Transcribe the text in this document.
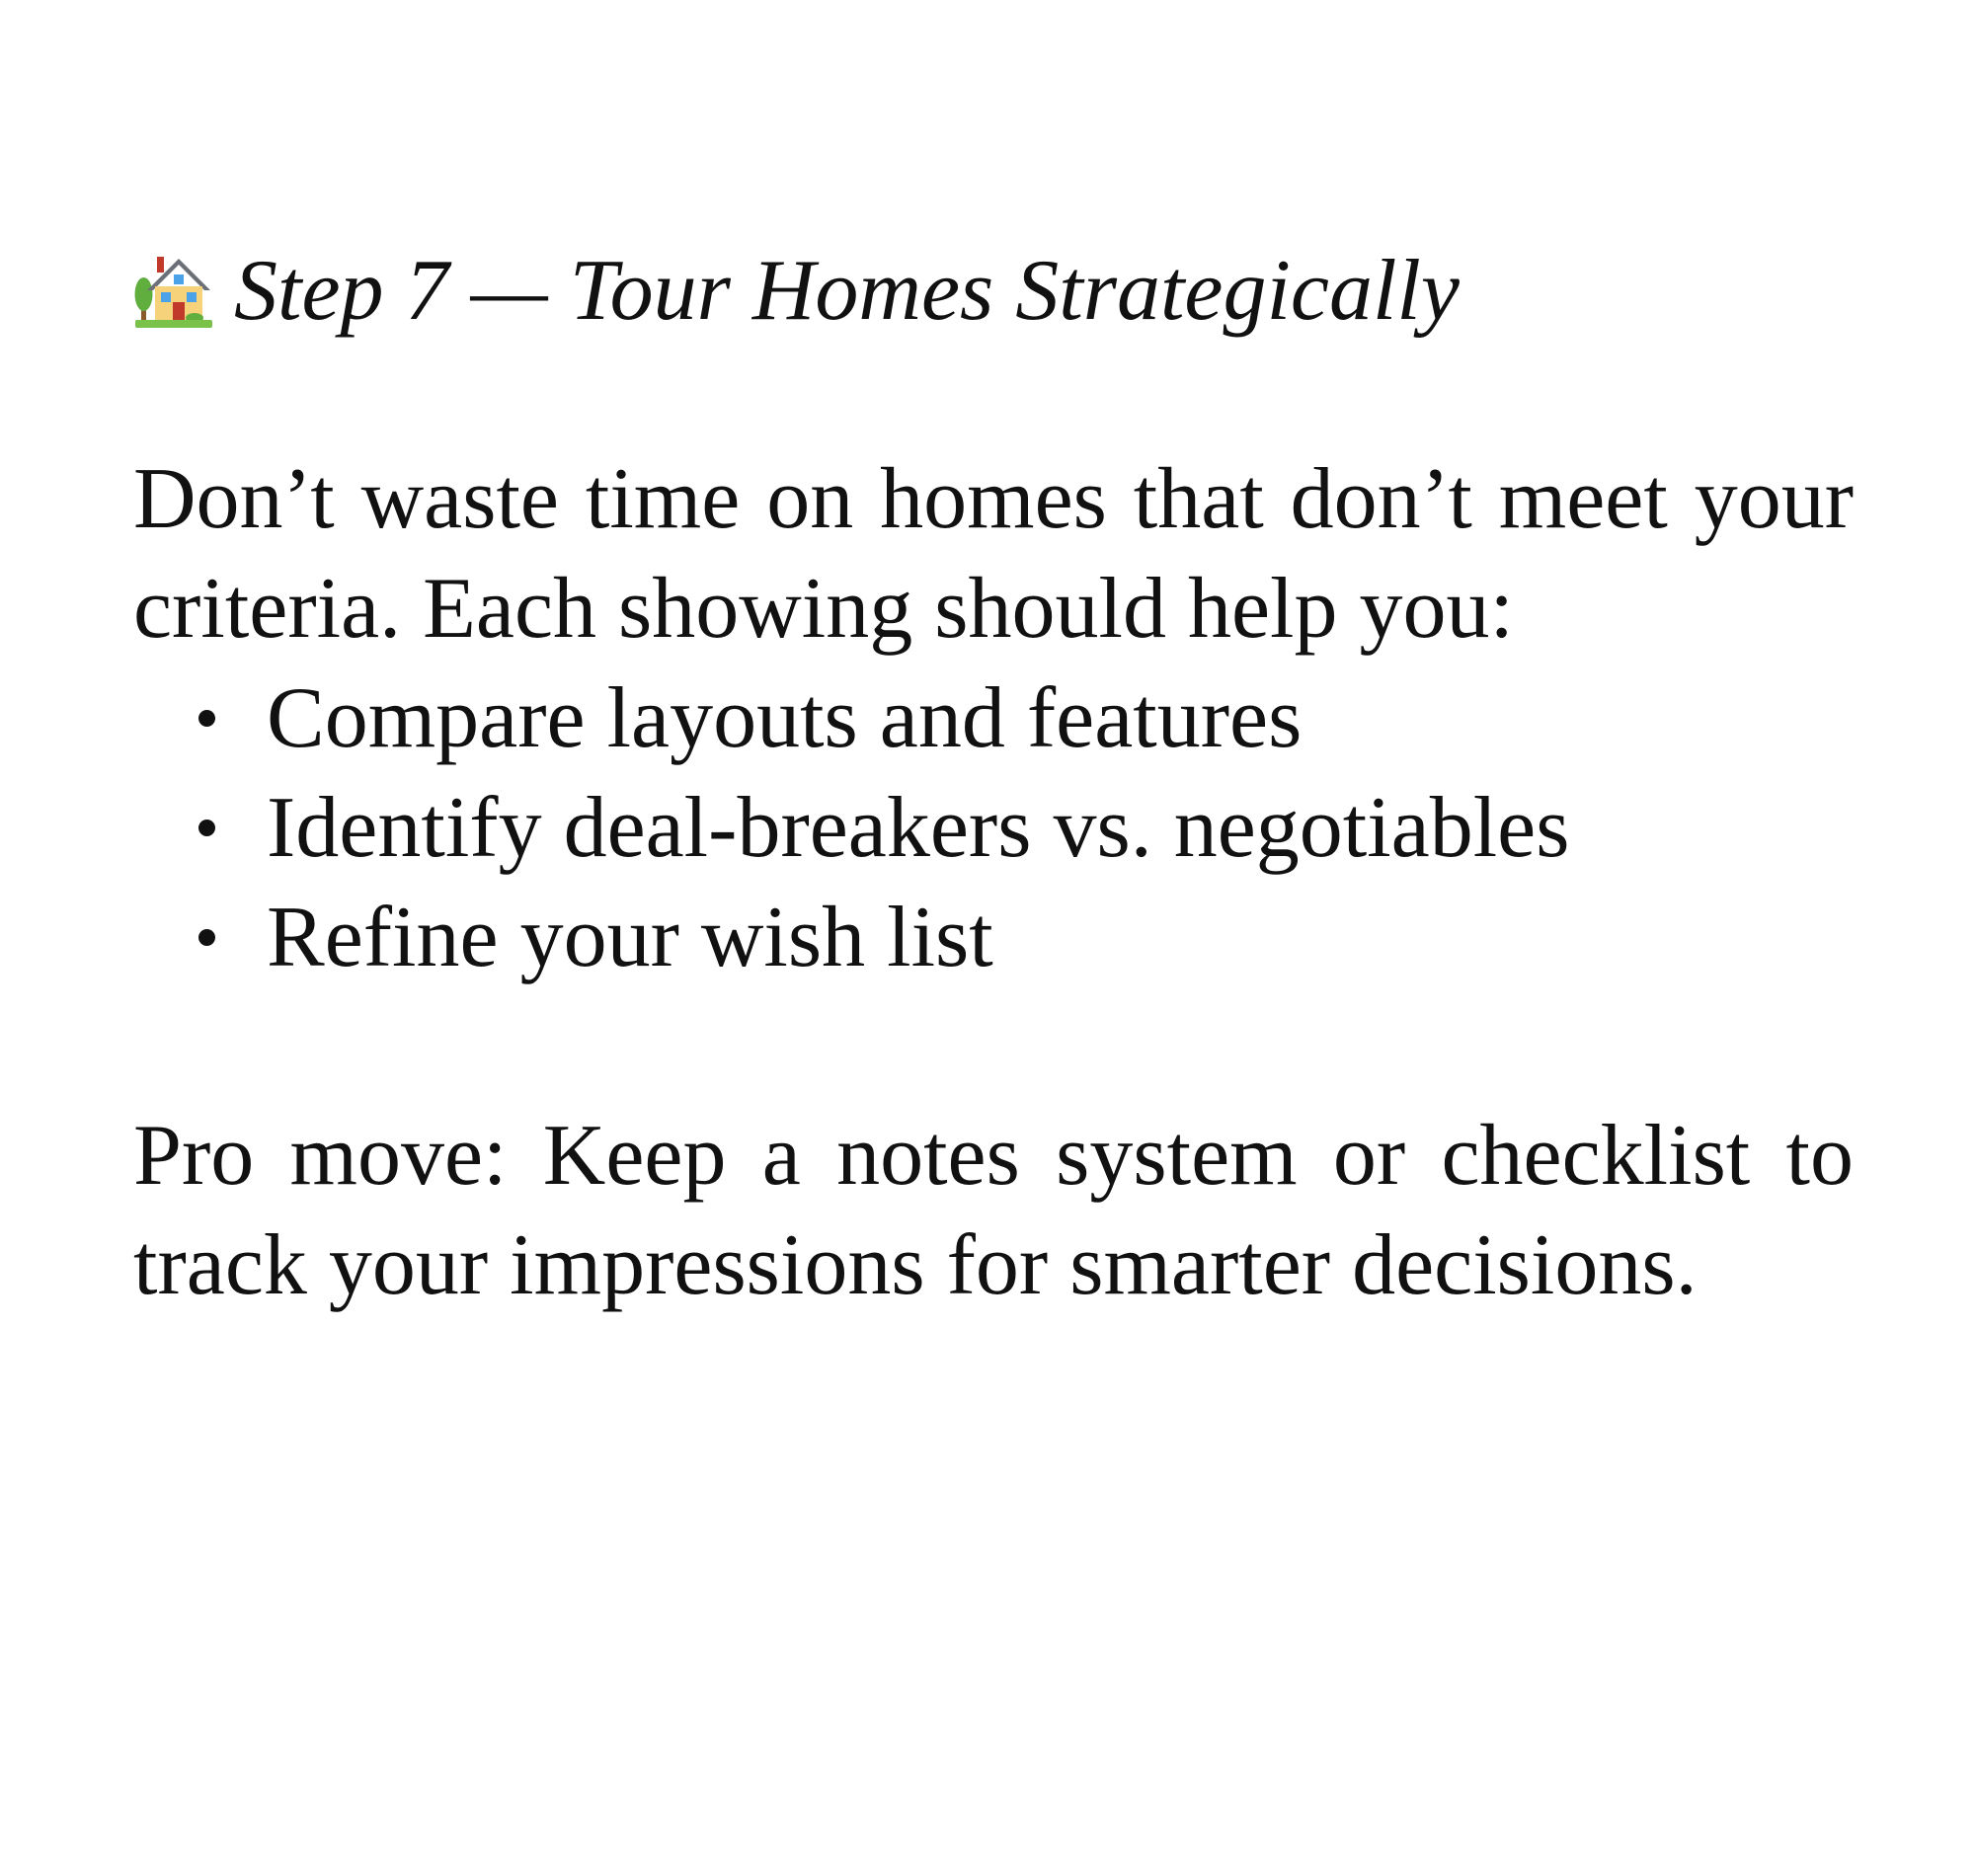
Step 7 — Tour Homes Strategically

Don’t waste time on homes that don’t meet your criteria. Each showing should help you:

Compare layouts and features
Identify deal-breakers vs. negotiables
Refine your wish list

Pro move: Keep a notes system or checklist to track your impressions for smarter decisions.
